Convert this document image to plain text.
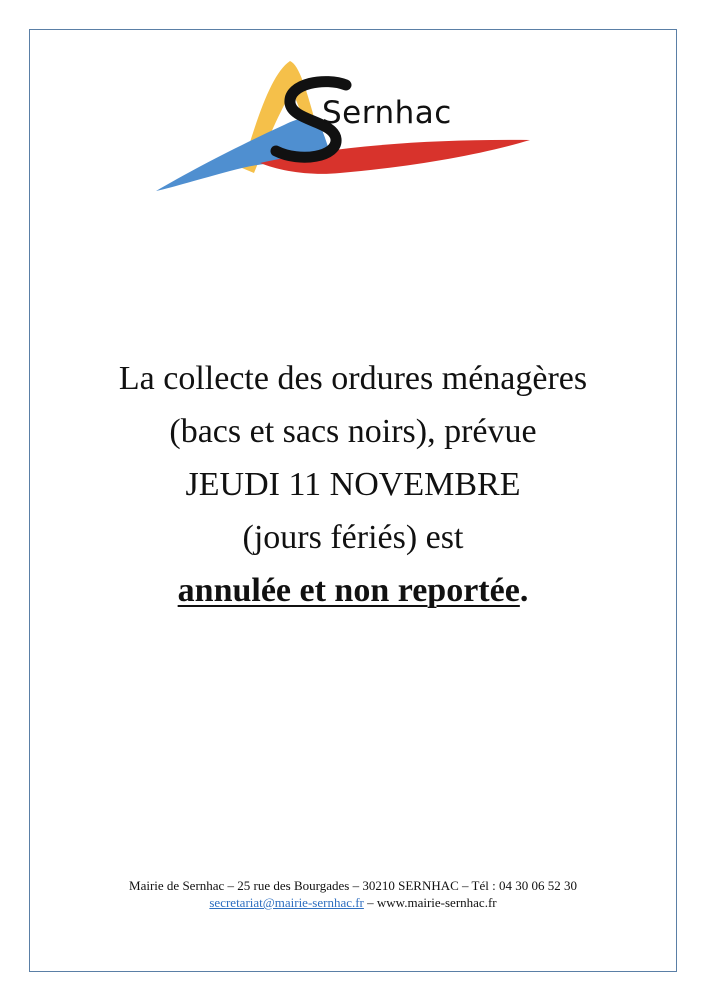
Sernhac
La collecte des ordures ménagères
(bacs et sacs noirs), prévue
JEUDI 11 NOVEMBRE
(jours fériés) est
annulée et non reportée.
Mairie de Sernhac – 25 rue des Bourgades – 30210 SERNHAC – Tél : 04 30 06 52 30
secretariat@mairie-sernhac.fr – www.mairie-sernhac.fr
